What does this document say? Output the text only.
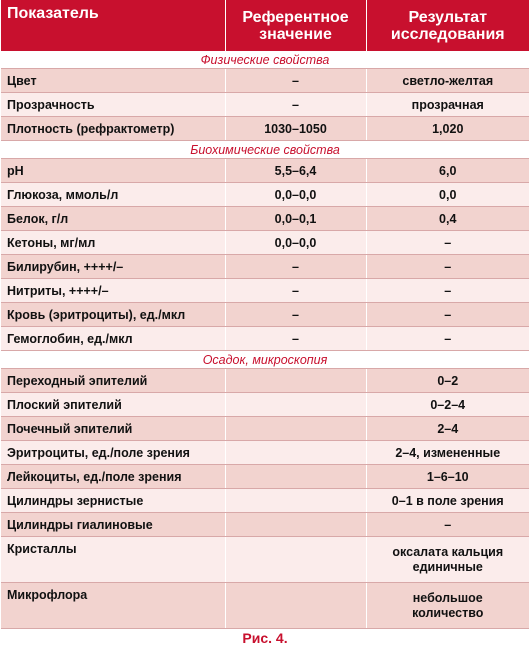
Показатель	Референтное значение	Результат исследования
Физические свойства		
Цвет	–	светло-желтая
Прозрачность	–	прозрачная
Плотность (рефрактометр)	1030–1050	1,020
Биохимические свойства		
pH	5,5–6,4	6,0
Глюкоза, ммоль/л	0,0–0,0	0,0
Белок, г/л	0,0–0,1	0,4
Кетоны, мг/мл	0,0–0,0	–
Билирубин, ++++/–	–	–
Нитриты, ++++/–	–	–
Кровь (эритроциты), ед./мкл	–	–
Гемоглобин, ед./мкл	–	–
Осадок, микроскопия		
Переходный эпителий		0–2
Плоский эпителий		0–2–4
Почечный эпителий		2–4
Эритроциты, ед./поле зрения		2–4, измененные
Лейкоциты, ед./поле зрения		1–6–10
Цилиндры зернистые		0–1 в поле зрения
Цилиндры гиалиновые		–
Кристаллы		оксалата кальция
единичные
Микрофлора		небольшое
количество
Рис. 4.
